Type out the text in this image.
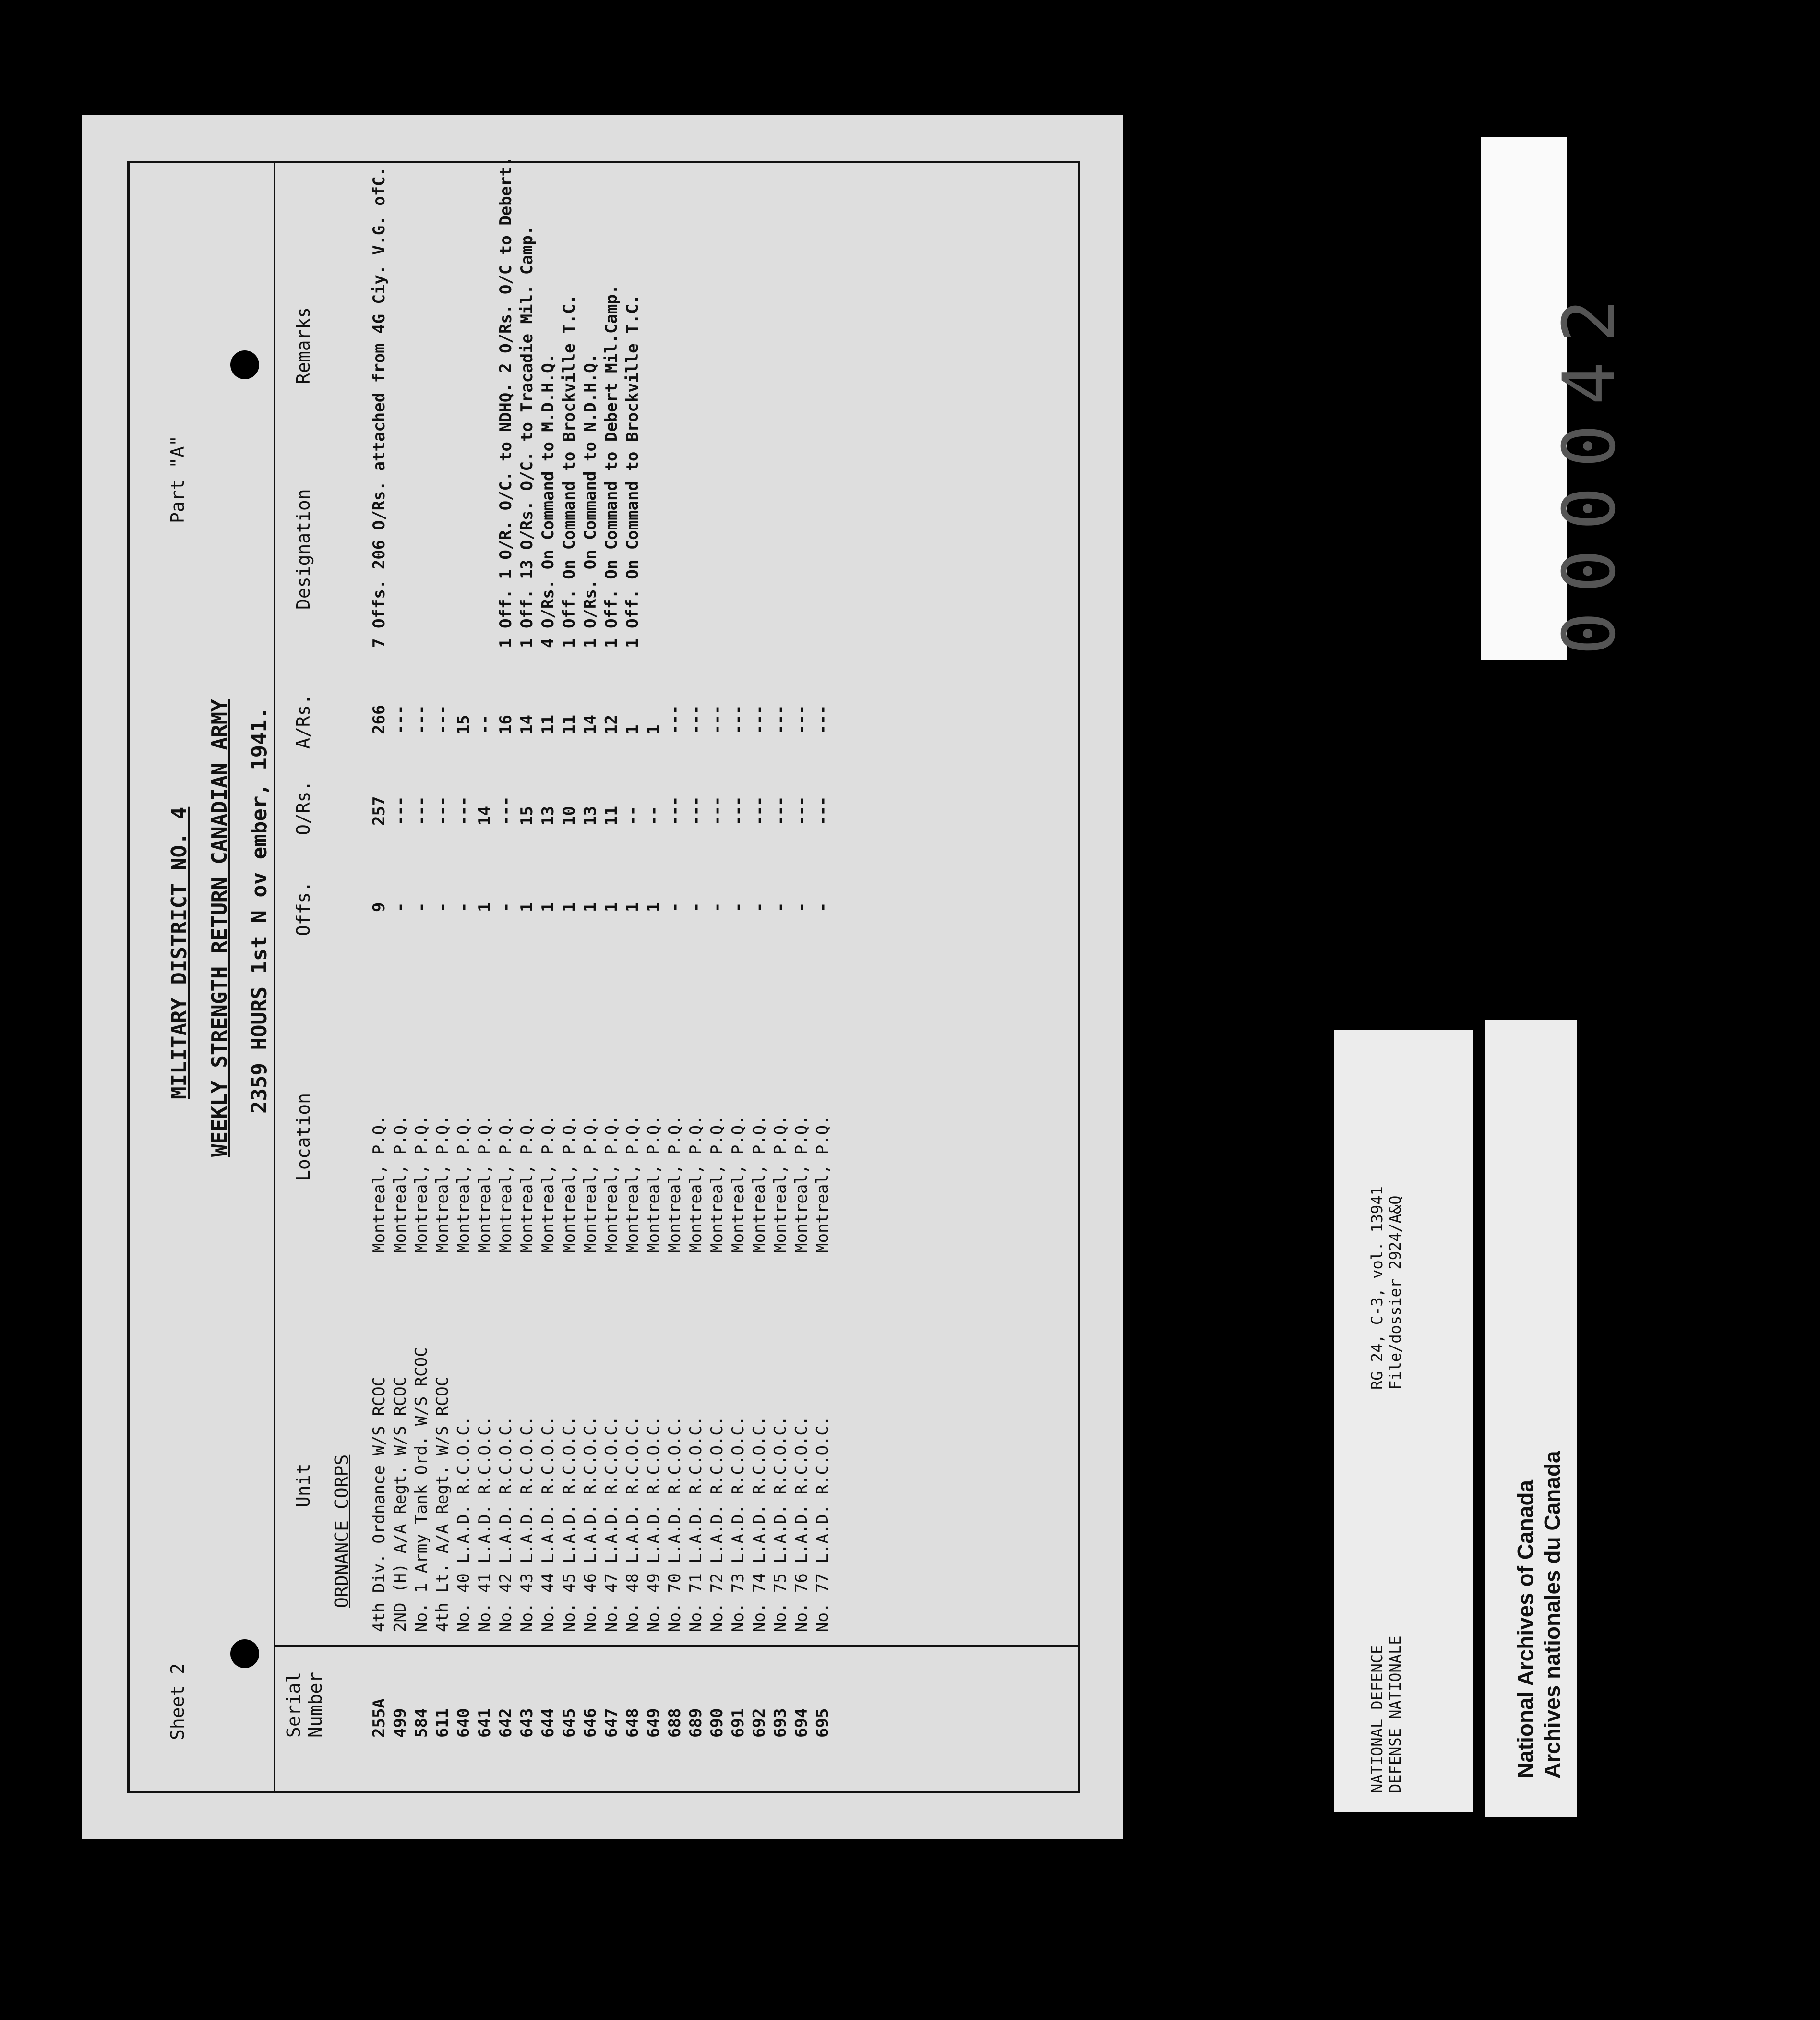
Sheet 2
Part "A"
MILITARY DISTRICT NO. 4 WEEKLY STRENGTH RETURN CANADIAN ARMY 2359 HOURS 1st N ov ember, 1941.
Serial Number
Unit
Location
Offs.
O/Rs.
A/Rs.
Designation
Remarks
ORDNANCE CORPS
255A
4th Div. Ordnance W/S RCOC
Montreal, P.Q.
9
257
266
7 Offs. 206 O/Rs. attached from 4G Ciy. V.G. ofC.
499
2ND (H) A/A Regt. W/S RCOC
Montreal, P.Q.
-
---
---
584
No. 1 Army Tank Ord. W/S RCOC
Montreal, P.Q.
-
---
---
611
4th Lt. A/A Regt. W/S RCOC
Montreal, P.Q.
-
---
---
640
No. 40 L.A.D. R.C.O.C.
Montreal, P.Q.
-
---
15
641
No. 41 L.A.D. R.C.O.C.
Montreal, P.Q.
1
14
--
642
No. 42 L.A.D. R.C.O.C.
Montreal, P.Q.
-
---
16
1 Off. 1 O/R. O/C. to NDHQ. 2 O/Rs. O/C to Debert.
643
No. 43 L.A.D. R.C.O.C.
Montreal, P.Q.
1
15
14
1 Off. 13 O/Rs. O/C. to Tracadie Mil. Camp.
644
No. 44 L.A.D. R.C.O.C.
Montreal, P.Q.
1
13
11
4 O/Rs. On Command to M.D.H.Q.
645
No. 45 L.A.D. R.C.O.C.
Montreal, P.Q.
1
10
11
1 Off. On Command to Brockville T.C.
646
No. 46 L.A.D. R.C.O.C.
Montreal, P.Q.
1
13
14
1 O/Rs. On Command to N.D.H.Q.
647
No. 47 L.A.D. R.C.O.C.
Montreal, P.Q.
1
11
12
1 Off. On Command to Debert Mil.Camp.
648
No. 48 L.A.D. R.C.O.C.
Montreal, P.Q.
1
--
1
1 Off. On Command to Brockville T.C.
649
No. 49 L.A.D. R.C.O.C.
Montreal, P.Q.
1
--
1
688
No. 70 L.A.D. R.C.O.C.
Montreal, P.Q.
-
---
---
689
No. 71 L.A.D. R.C.O.C.
Montreal, P.Q.
-
---
---
690
No. 72 L.A.D. R.C.O.C.
Montreal, P.Q.
-
---
---
691
No. 73 L.A.D. R.C.O.C.
Montreal, P.Q.
-
---
---
692
No. 74 L.A.D. R.C.O.C.
Montreal, P.Q.
-
---
---
693
No. 75 L.A.D. R.C.O.C.
Montreal, P.Q.
-
---
---
694
No. 76 L.A.D. R.C.O.C.
Montreal, P.Q.
-
---
---
695
No. 77 L.A.D. R.C.O.C.
Montreal, P.Q.
-
---
---
NATIONAL DEFENCE
DEFENSE NATIONALE
RG 24, C-3, vol. 13941
File/dossier 2924/A&Q
National Archives of Canada
Archives nationales du Canada
000042
